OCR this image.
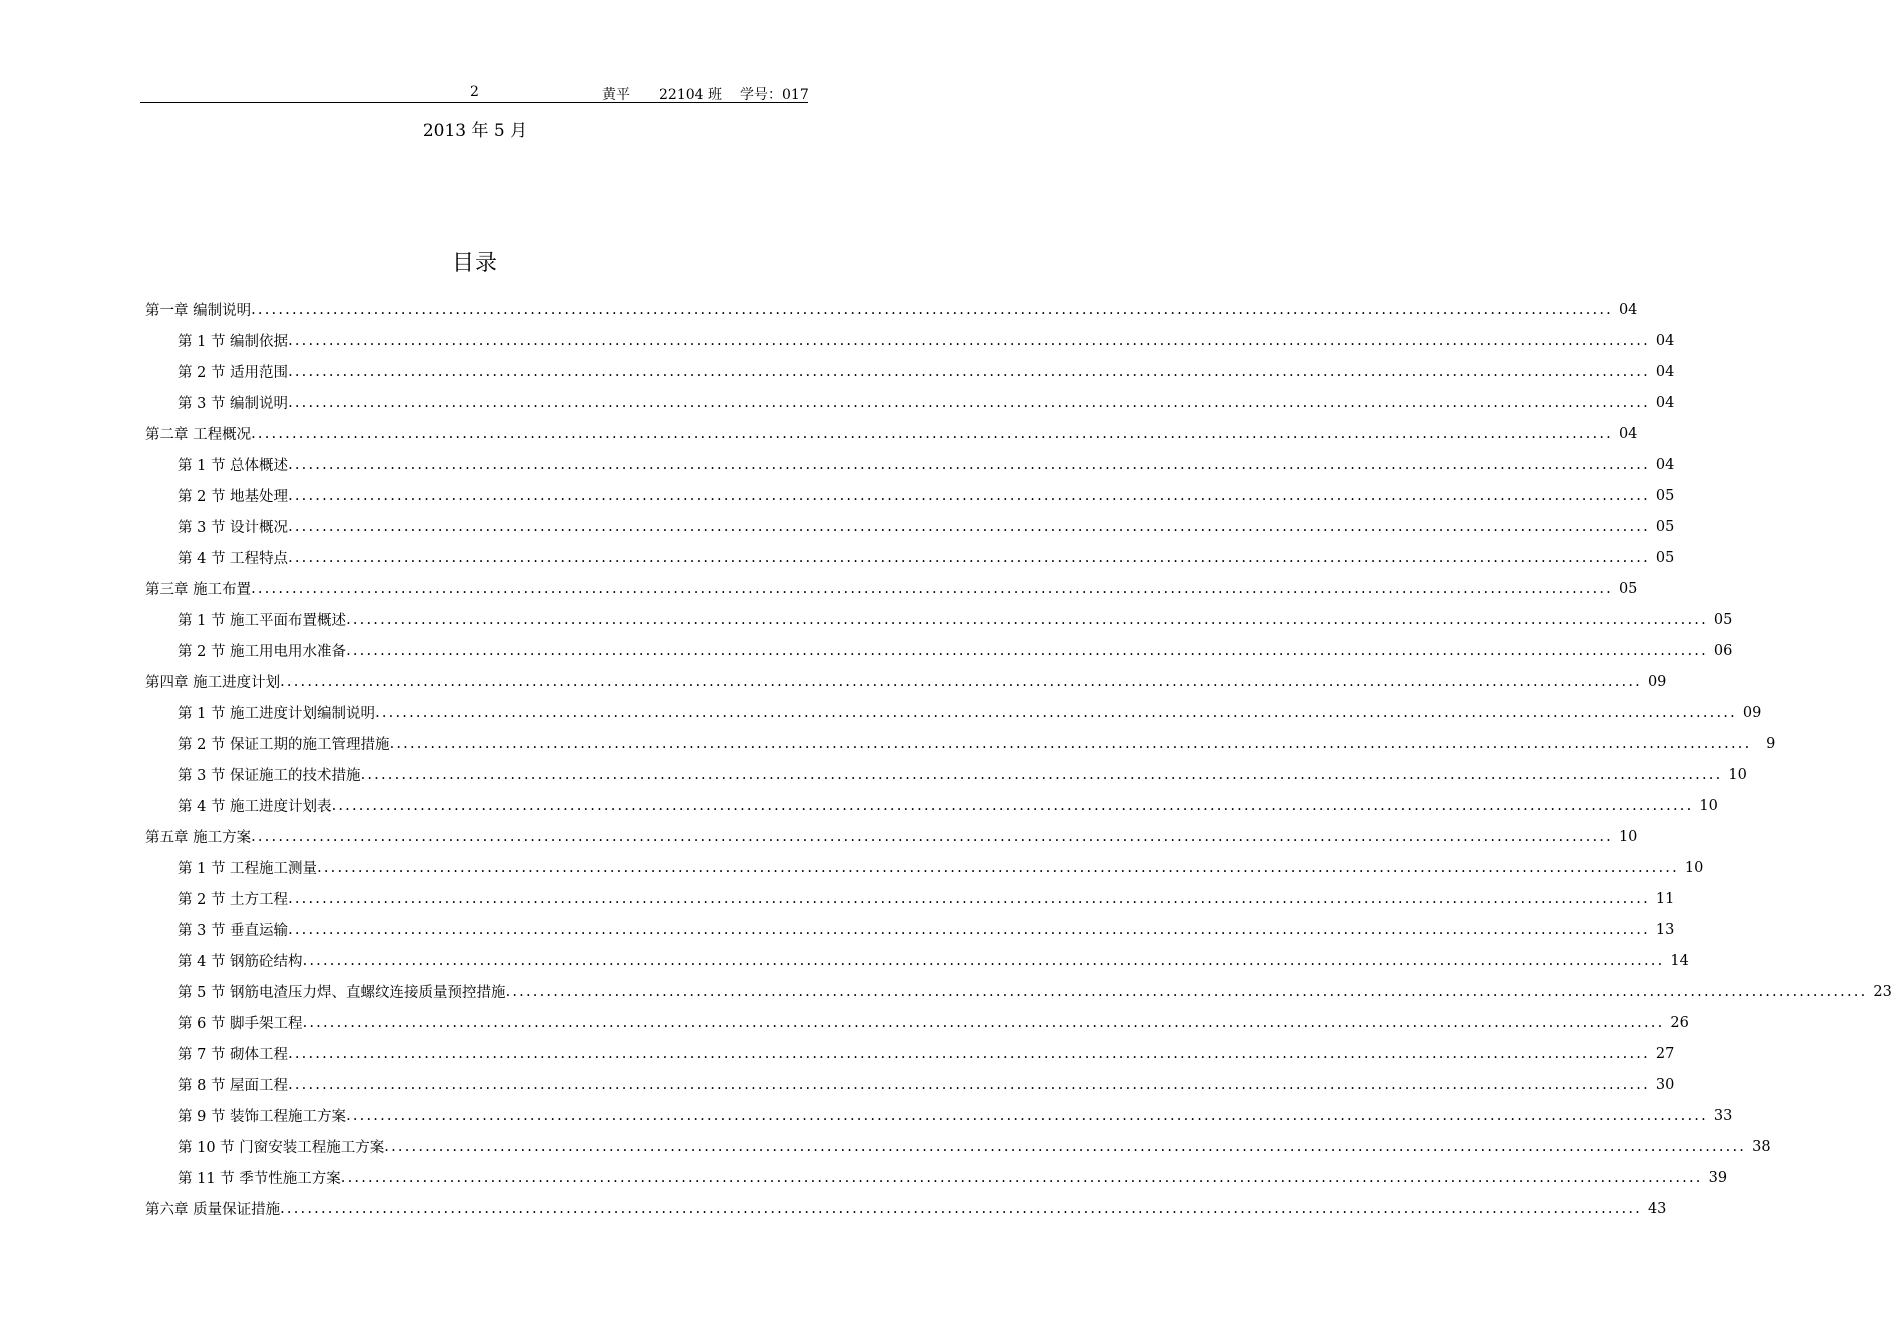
2	黄平 22104 班 学号：017
2013 年 5 月
目录
第一章 编制说明 ........................................................................................................................................................................................................ 04
第 1 节 编制依据 ........................................................................................................................................................................................................ 04
第 2 节 适用范围 ........................................................................................................................................................................................................ 04
第 3 节 编制说明 ........................................................................................................................................................................................................ 04
第二章 工程概况 ........................................................................................................................................................................................................ 04
第 1 节 总体概述 ........................................................................................................................................................................................................ 04
第 2 节 地基处理 ........................................................................................................................................................................................................ 05
第 3 节 设计概况 ........................................................................................................................................................................................................ 05
第 4 节 工程特点 ........................................................................................................................................................................................................ 05
第三章 施工布置 ........................................................................................................................................................................................................ 05
第 1 节 施工平面布置概述 ........................................................................................................................................................................................................ 05
第 2 节 施工用电用水准备 ........................................................................................................................................................................................................ 06
第四章 施工进度计划 ........................................................................................................................................................................................................ 09
第 1 节 施工进度计划编制说明 ........................................................................................................................................................................................................ 09
第 2 节 保证工期的施工管理措施 ........................................................................................................................................................................................................	9
第 3 节 保证施工的技术措施 ........................................................................................................................................................................................................ 10
第 4 节 施工进度计划表 ........................................................................................................................................................................................................ 10
第五章 施工方案 ........................................................................................................................................................................................................ 10
第 1 节 工程施工测量 ........................................................................................................................................................................................................ 10
第 2 节 土方工程 ........................................................................................................................................................................................................ 11
第 3 节 垂直运输 ........................................................................................................................................................................................................ 13
第 4 节 钢筋砼结构 ........................................................................................................................................................................................................ 14
第 5 节 钢筋电渣压力焊、直螺纹连接质量预控措施 ........................................................................................................................................................................................................ 23
第 6 节 脚手架工程 ........................................................................................................................................................................................................ 26
第 7 节 砌体工程 ........................................................................................................................................................................................................ 27
第 8 节 屋面工程 ........................................................................................................................................................................................................ 30
第 9 节 装饰工程施工方案 ........................................................................................................................................................................................................ 33
第 10 节 门窗安装工程施工方案 ........................................................................................................................................................................................................ 38
第 11 节 季节性施工方案 ........................................................................................................................................................................................................ 39
第六章 质量保证措施 ........................................................................................................................................................................................................ 43
